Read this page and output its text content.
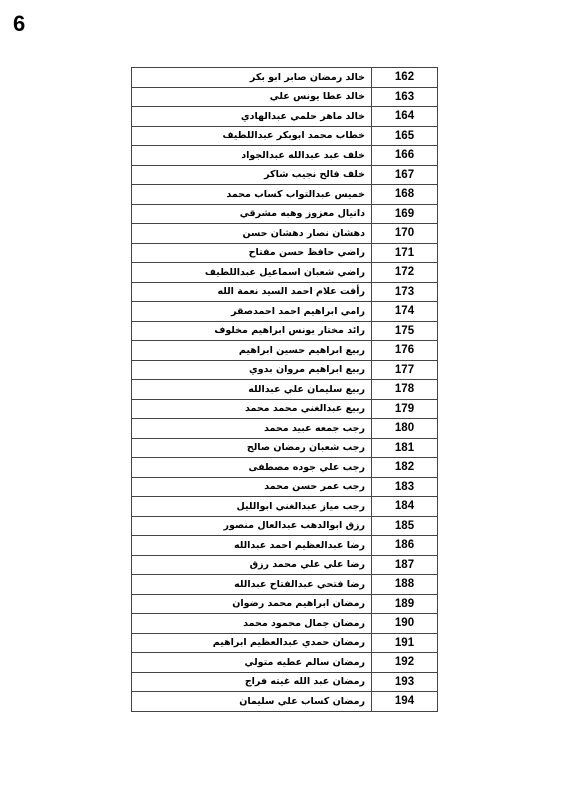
6
خالد رمضان صابر ابو بكر	162
خالد عطا يونس علي	163
خالد ماهر حلمي عبدالهادي	164
خطاب محمد ابوبكر عبداللطيف	165
خلف عبد عبدالله عبدالجواد	166
خلف فالح نجيب شاكر	167
خميس عبدالتواب كساب محمد	168
دانيال معزوز وهبه مشرقي	169
دهشان نصار دهشان حسن	170
راضي حافظ حسن مفتاح	171
راضي شعبان اسماعيل عبداللطيف	172
رأفت علام احمد السيد نعمة الله	173
رامي ابراهيم احمد احمدصقر	174
رائد مختار يونس ابراهيم مخلوف	175
ربيع ابراهيم حسين ابراهيم	176
ربيع ابراهيم مروان بدوي	177
ربيع سليمان علي عبدالله	178
ربيع عبدالغني محمد محمد	179
رجب جمعه عبيد محمد	180
رجب شعبان رمضان صالح	181
رجب علي جوده مصطفى	182
رجب عمر حسن محمد	183
رجب مياز عبدالغني ابوالليل	184
رزق ابوالدهب عبدالعال منصور	185
رضا عبدالعظيم احمد عبدالله	186
رضا علي علي محمد رزق	187
رضا فتحي عبدالفتاح عبدالله	188
رمضان ابراهيم محمد رضوان	189
رمضان جمال محمود محمد	190
رمضان حمدي عبدالعظيم ابراهيم	191
رمضان سالم عطيه متولي	192
رمضان عبد الله غيته فراج	193
رمضان كساب علي سليمان	194
